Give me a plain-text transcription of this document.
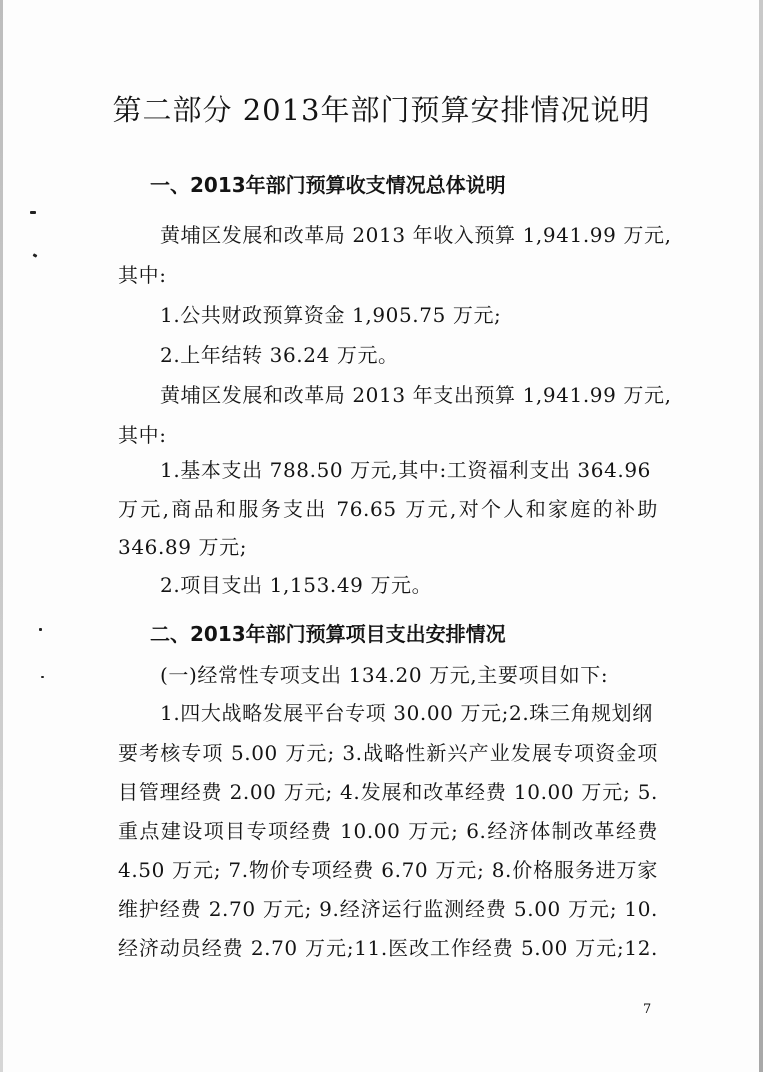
第二部分 2013年部门预算安排情况说明
一、2013年部门预算收支情况总体说明
黄埔区发展和改革局 2013 年收入预算 1,941.99 万元,
其中:
1.公共财政预算资金 1,905.75 万元;
2.上年结转 36.24 万元。
黄埔区发展和改革局 2013 年支出预算 1,941.99 万元,
其中:
1.基本支出 788.50 万元,其中:工资福利支出 364.96
万元,商品和服务支出 76.65 万元,对个人和家庭的补助
346.89 万元;
2.项目支出 1,153.49 万元。
二、2013年部门预算项目支出安排情况
(一)经常性专项支出 134.20 万元,主要项目如下:
1.四大战略发展平台专项 30.00 万元;2.珠三角规划纲
要考核专项 5.00 万元; 3.战略性新兴产业发展专项资金项
目管理经费 2.00 万元; 4.发展和改革经费 10.00 万元; 5.
重点建设项目专项经费 10.00 万元; 6.经济体制改革经费
4.50 万元; 7.物价专项经费 6.70 万元; 8.价格服务进万家
维护经费 2.70 万元; 9.经济运行监测经费 5.00 万元; 10.
经济动员经费 2.70 万元;11.医改工作经费 5.00 万元;12.
7
